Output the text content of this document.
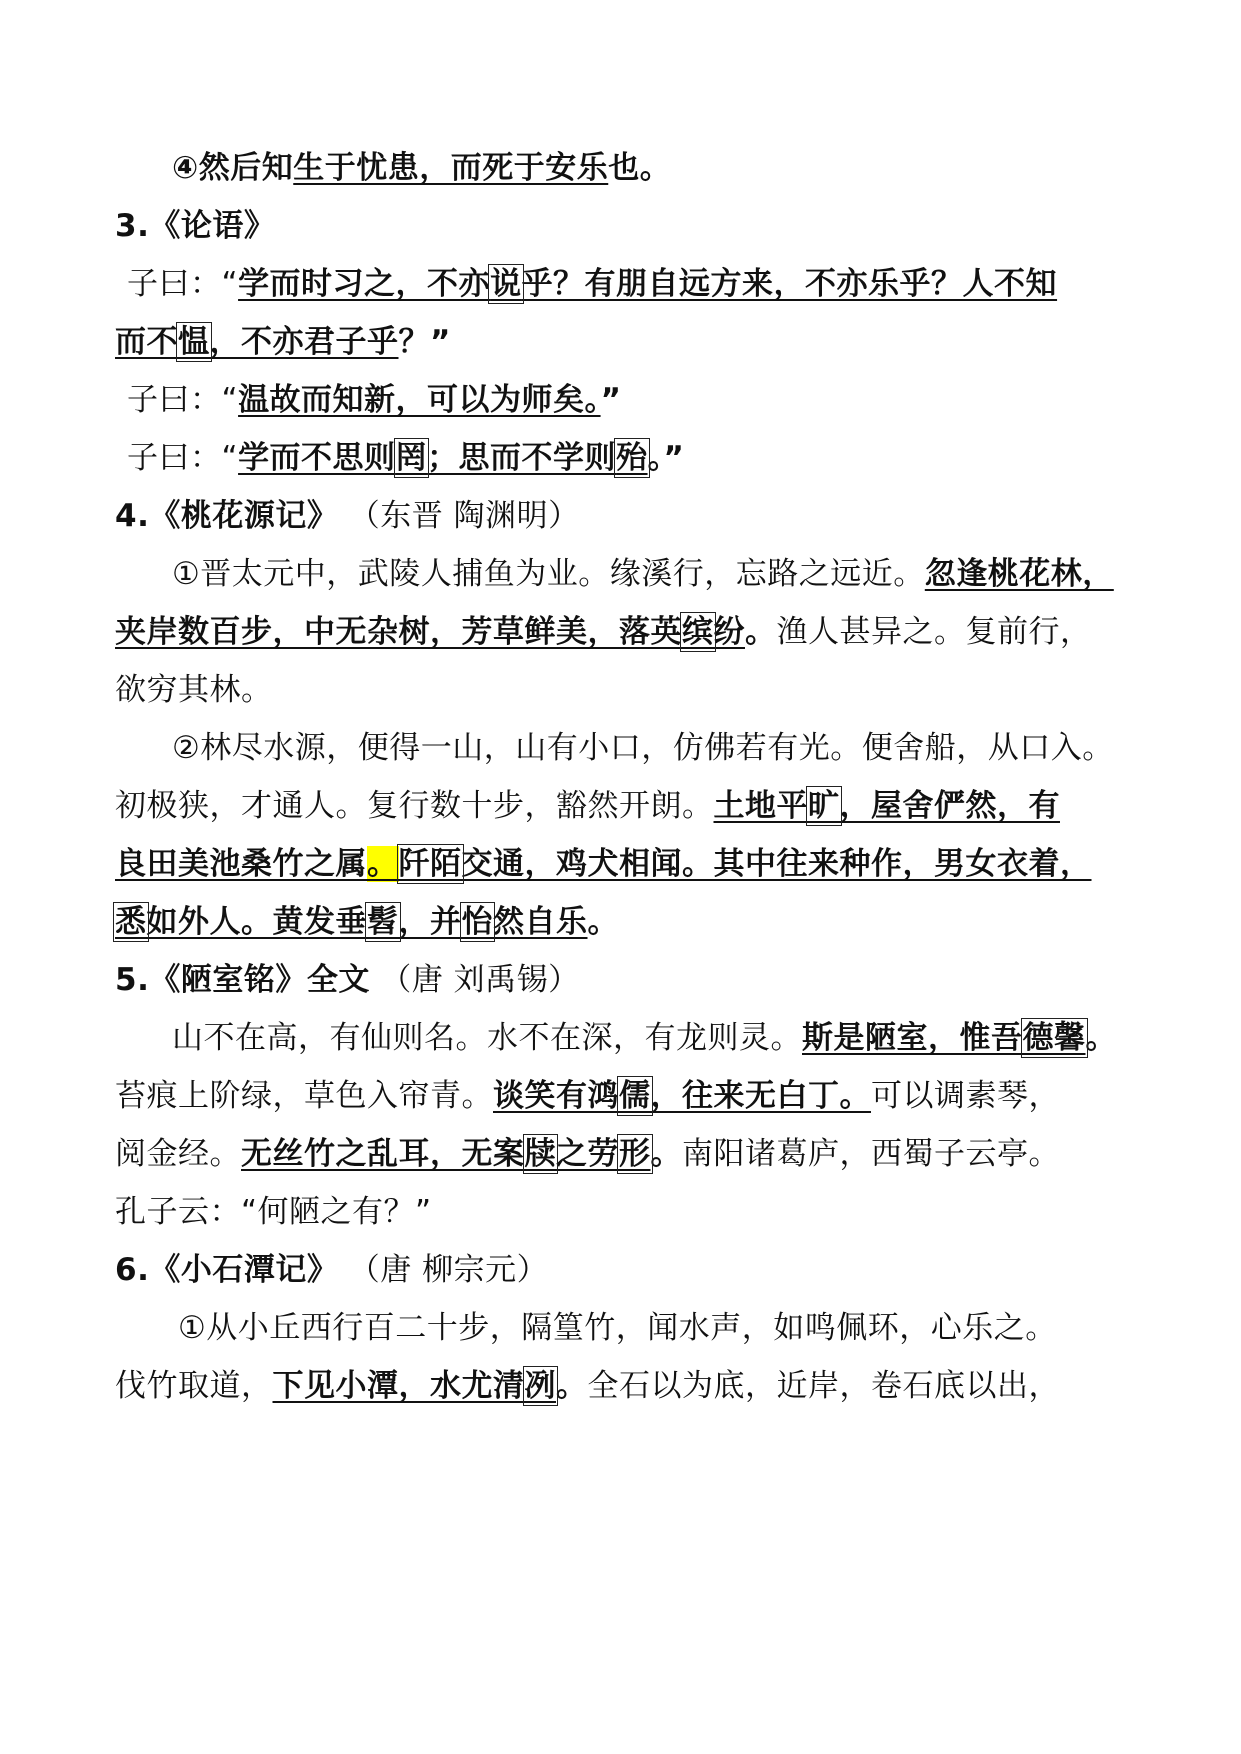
④然后知生于忧患，而死于安乐也。
3.《论语》
子曰：“学而时习之，不亦说乎？有朋自远方来，不亦乐乎？人不知
而不愠，不亦君子乎？”
子曰：“温故而知新，可以为师矣。”
子曰：“学而不思则罔；思而不学则殆。”
4.《桃花源记》 （东晋 陶渊明）
①晋太元中，武陵人捕鱼为业。缘溪行，忘路之远近。忽逢桃花林，
夹岸数百步，中无杂树，芳草鲜美，落英缤纷。渔人甚异之。复前行，
欲穷其林。
②林尽水源，便得一山，山有小口，仿佛若有光。便舍船，从口入。
初极狭，才通人。复行数十步，豁然开朗。土地平旷，屋舍俨然，有
良田美池桑竹之属。阡陌交通，鸡犬相闻。其中往来种作，男女衣着，
悉如外人。黄发垂髫，并怡然自乐。
5.《陋室铭》全文 （唐 刘禹锡）
山不在高，有仙则名。水不在深，有龙则灵。斯是陋室，惟吾德馨。
苔痕上阶绿，草色入帘青。谈笑有鸿儒，往来无白丁。可以调素琴，
阅金经。无丝竹之乱耳，无案牍之劳形。南阳诸葛庐，西蜀子云亭。
孔子云：“何陋之有？”
6.《小石潭记》 （唐 柳宗元）
①从小丘西行百二十步，隔篁竹，闻水声，如鸣佩环，心乐之。
伐竹取道，下见小潭，水尤清冽。全石以为底，近岸，卷石底以出，
